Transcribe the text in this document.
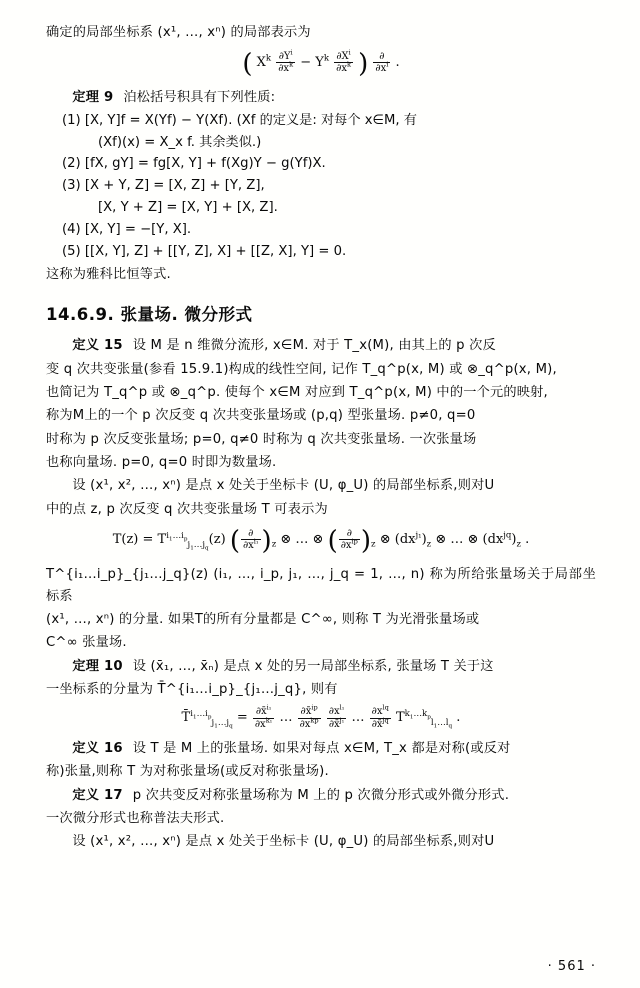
确定的局部坐标系 (x¹, …, xⁿ) 的局部表示为
( $X^k \frac{\partial Y^i}{\partial x^k} - Y^k \frac{\partial X^i}{\partial x^k}$ ) $\frac{\partial}{\partial x^i}$ .
定理 9 泊松括号积具有下列性质:
(1) [X, Y]f = X(Yf) − Y(Xf). (Xf 的定义是: 对每个 x∈M, 有
(Xf)(x) = X_x f. 其余类似.)
(2) [fX, gY] = fg[X, Y] + f(Xg)Y − g(Yf)X.
(3) [X + Y, Z] = [X, Z] + [Y, Z],
[X, Y + Z] = [X, Y] + [X, Z].
(4) [X, Y] = −[Y, X].
(5) [[X, Y], Z] + [[Y, Z], X] + [[Z, X], Y] = 0.
这称为雅科比恒等式.
14.6.9. 张量场. 微分形式
定义 15 设 M 是 n 维微分流形, x∈M. 对于 T_x(M), 由其上的 p 次反
变 q 次共变张量(参看 15.9.1)构成的线性空间, 记作 T_q^p(x, M) 或 ⊗_q^p(x, M),
也简记为 T_q^p 或 ⊗_q^p. 使每个 x∈M 对应到 T_q^p(x, M) 中的一个元的映射,
称为M上的一个 p 次反变 q 次共变张量场或 (p,q) 型张量场. p≠0, q=0
时称为 p 次反变张量场; p=0, q≠0 时称为 q 次共变张量场. 一次张量场
也称向量场. p=0, q=0 时即为数量场.
设 (x¹, x², …, xⁿ) 是点 x 处关于坐标卡 (U, φ_U) 的局部坐标系,则对U
中的点 z, p 次反变 q 次共变张量场 T 可表示为
$T(z) = T^{i_1\dots i_p}_{j_1\dots j_q}(z)$ ( $\frac{\partial}{\partial x^{i_1}} )_z$ ⊗ … ⊗ ( $\frac{\partial}{\partial x^{ip}} )_z$ ⊗ $(dx^{j_1})_z$ ⊗ … ⊗ $(dx^{jq})_z$ .
T^{i₁…i_p}_{j₁…j_q}(z) (i₁, …, i_p, j₁, …, j_q = 1, …, n) 称为所给张量场关于局部坐标系
(x¹, …, xⁿ) 的分量. 如果T的所有分量都是 C^∞, 则称 T 为光滑张量场或
C^∞ 张量场.
定理 10 设 (x̄₁, …, x̄ₙ) 是点 x 处的另一局部坐标系, 张量场 T 关于这
一坐标系的分量为 T̄^{i₁…i_p}_{j₁…j_q}, 则有
T̄$^{i_1\dots i_p}_{j_1\dots j_q}$ = $\frac{\partial x̄^{i_1}}{\partial x^{k_1}}$ … $\frac{\partial x̄^{ip}}{\partial x^{kp}}$
$\frac{\partial x^{l_1}}{\partial x̄^{j_1}}$ … $\frac{\partial x^{lq}}{\partial x̄^{jq}} T^{k_1\dots k_p}_{l_1\dots l_q}$ .
定义 16 设 T 是 M 上的张量场. 如果对每点 x∈M, T_x 都是对称(或反对
称)张量,则称 T 为对称张量场(或反对称张量场).
定义 17 p 次共变反对称张量场称为 M 上的 p 次微分形式或外微分形式.
一次微分形式也称普法夫形式.
设 (x¹, x², …, xⁿ) 是点 x 处关于坐标卡 (U, φ_U) 的局部坐标系,则对U
· 561 ·
